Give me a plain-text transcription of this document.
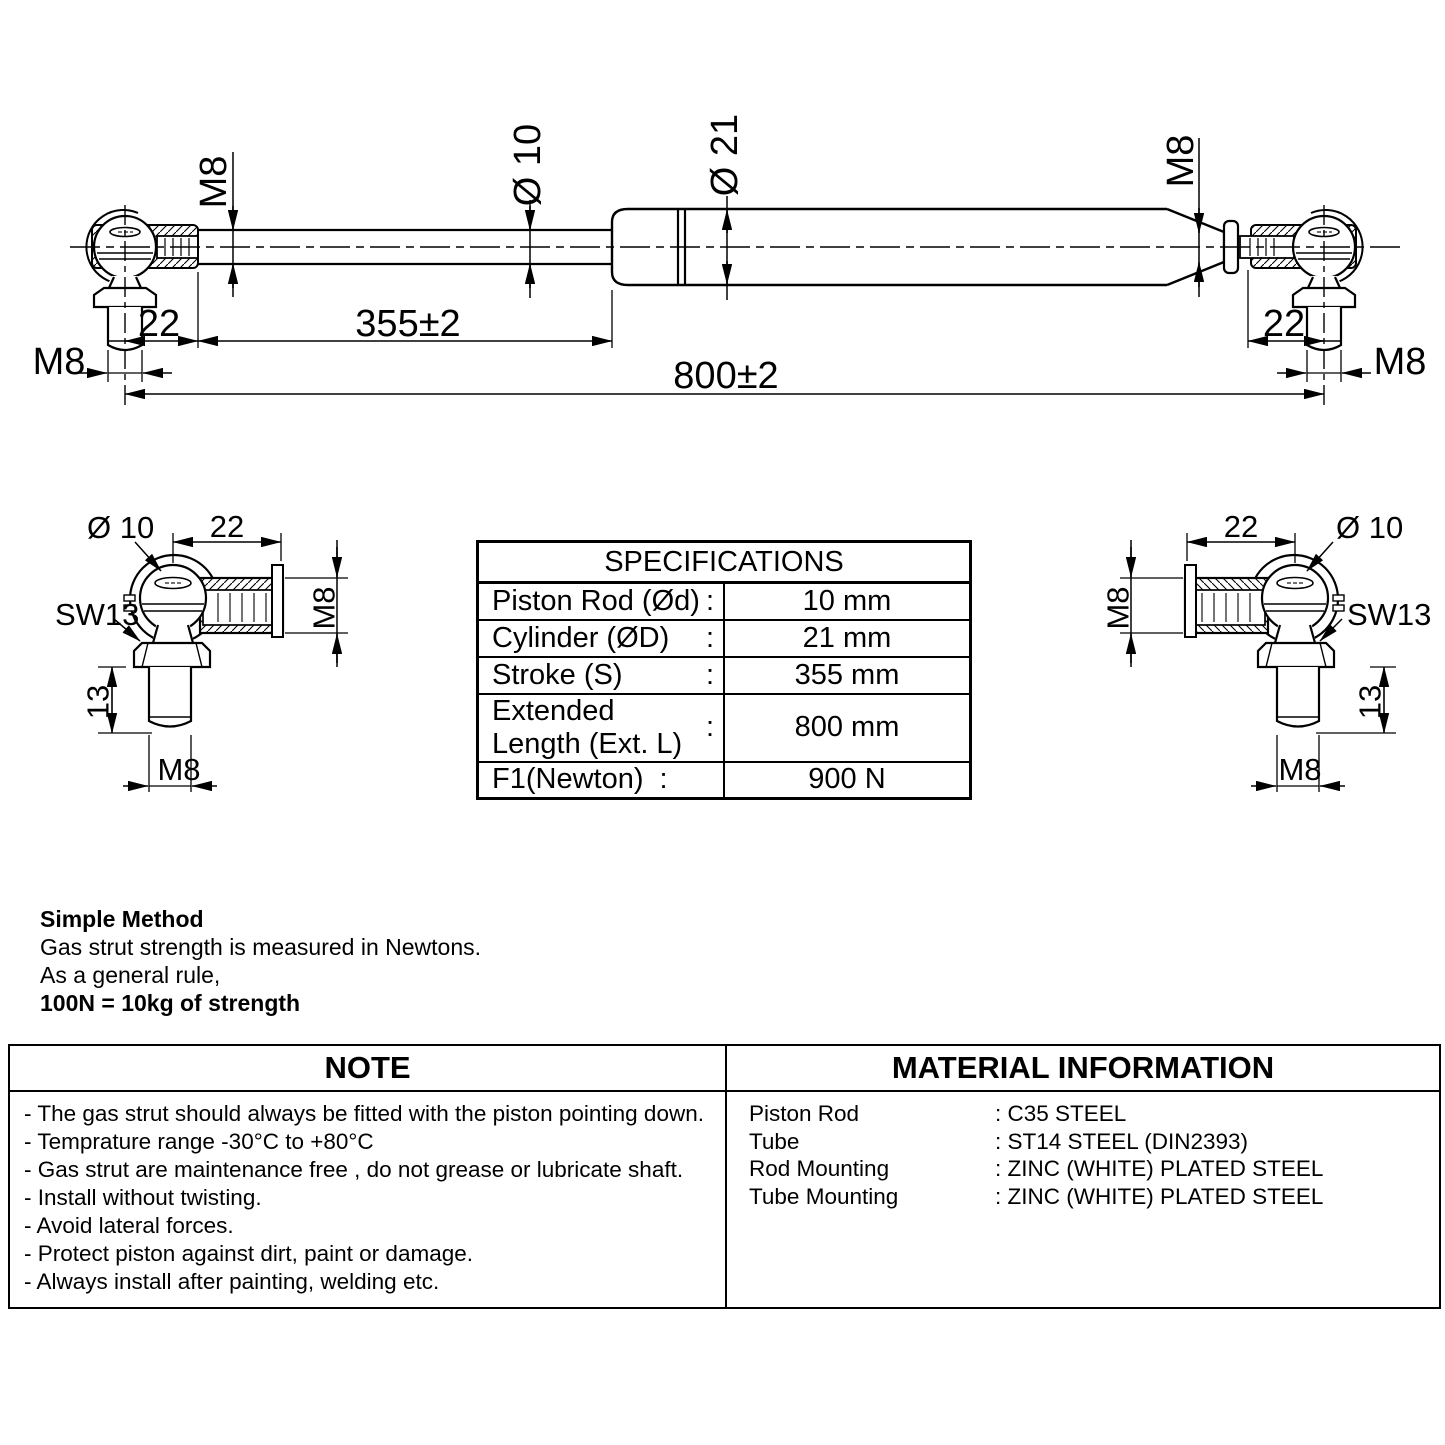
M8	Ø 10	Ø 21	M8
22	355±2	22
800±2
M8	M8
Ø 10 22
M8
SW13
13
M8
22	Ø 10
M8	SW13
13
M8
SPECIFICATIONS	

Piston Rod (Ød) :	10 mm

Cylinder (ØD) :	21 mm

Stroke (S) :	355 mm

Extended Length (Ext. L)
:	800 mm

F1(Newton) :	900 N
Simple Method
Gas strut strength is measured in Newtons.
As a general rule,
100N = 10kg of strength
NOTE	MATERIAL INFORMATION
- The gas strut should always be fitted with the piston pointing down.
- Temprature range -30°C to +80°C
- Gas strut are maintenance free , do not grease or lubricate shaft.
- Install without twisting.
- Avoid lateral forces.
- Protect piston against dirt, paint or damage.
- Always install after painting, welding etc.
Piston Rod	: C35 STEEL
Tube	: ST14 STEEL (DIN2393)
Rod Mounting	: ZINC (WHITE) PLATED STEEL
Tube Mounting	: ZINC (WHITE) PLATED STEEL
